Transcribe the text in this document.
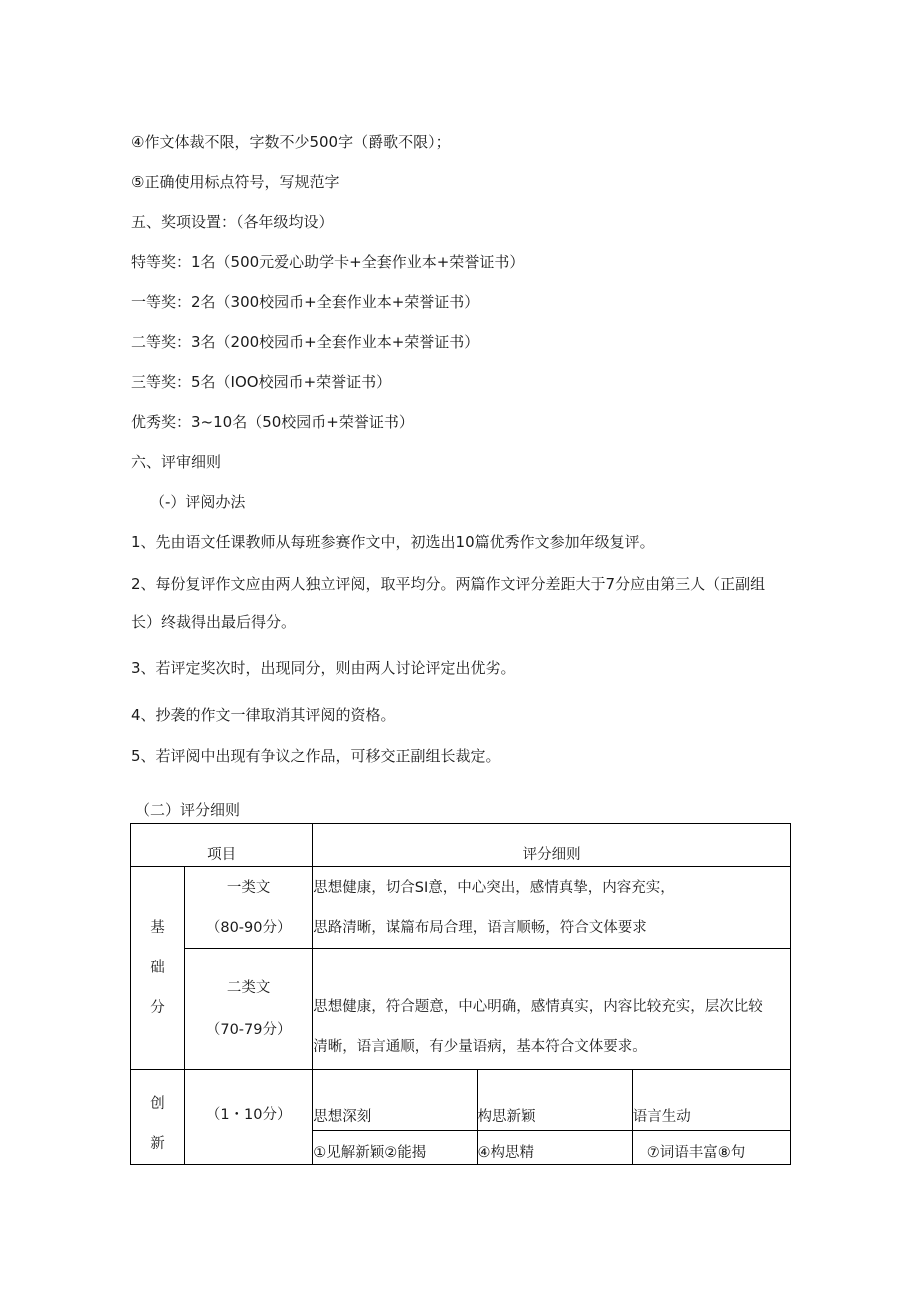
④作文体裁不限，字数不少500字（爵歌不限）；
⑤正确使用标点符号，写规范字
五、奖项设置：（各年级均设）
特等奖：1名（500元爱心助学卡+全套作业本+荣誉证书）
一等奖：2名（300校园币+全套作业本+荣誉证书）
二等奖：3名（200校园币+全套作业本+荣誉证书）
三等奖：5名（IOO校园币+荣誉证书）
优秀奖：3~10名（50校园币+荣誉证书）
六、评审细则
（-）评阅办法
1、先由语文任课教师从每班参赛作文中，初选出10篇优秀作文参加年级复评。
2、每份复评作文应由两人独立评阅，取平均分。两篇作文评分差距大于7分应由第三人（正副组
长）终裁得出最后得分。
3、若评定奖次时，出现同分，则由两人讨论评定出优劣。
4、抄袭的作文一律取消其评阅的资格。
5、若评阅中出现有争议之作品，可移交正副组长裁定。
（二）评分细则
项目		评分细则		

基
础
分	一类文
（80-90分）	思想健康，切合SI意，中心突出，感情真挚，内容充实，
思路清晰，谋篇布局合理，语言顺畅，符合文体要求		

	二类文
（70-79分）	思想健康，符合题意，中心明确，感情真实，内容比较充实，层次比较
清晰，语言通顺，有少量语病，基本符合文体要求。		

创
新	（1・10分）	思想深刻	构思新颖	语言生动
		①见解新颖②能揭	④构思精	⑦词语丰富⑧句
